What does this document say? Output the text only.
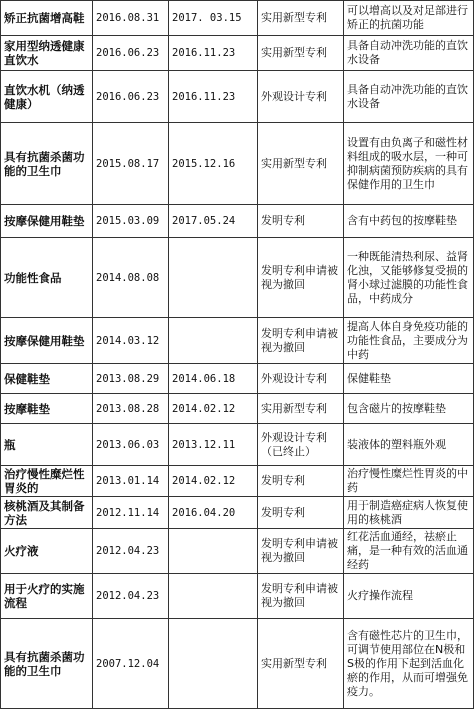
矫正抗菌增高鞋	2016.08.31	2017. 03.15	实用新型专利	可以增高以及对足部进行矫正的抗菌功能
家用型纳透健康直饮水	2016.06.23	2016.11.23	实用新型专利	具备自动冲洗功能的直饮水设备
直饮水机（纳透健康）	2016.06.23	2016.11.23	外观设计专利	具备自动冲洗功能的直饮水设备
具有抗菌杀菌功能的卫生巾	2015.08.17	2015.12.16	实用新型专利	设置有由负离子和磁性材料组成的吸水层，一种可抑制病菌预防疾病的具有保健作用的卫生巾
按摩保健用鞋垫	2015.03.09	2017.05.24	发明专利	含有中药包的按摩鞋垫
功能性食品	2014.08.08		发明专利申请被视为撤回	一种既能清热利尿、益肾化浊，又能够修复受损的肾小球过滤膜的功能性食品，中药成分
按摩保健用鞋垫	2014.03.12		发明专利申请被视为撤回	提高人体自身免疫功能的功能性食品，主要成分为中药
保健鞋垫	2013.08.29	2014.06.18	外观设计专利	保健鞋垫
按摩鞋垫	2013.08.28	2014.02.12	实用新型专利	包含磁片的按摩鞋垫
瓶	2013.06.03	2013.12.11	外观设计专利（已终止）	装液体的塑料瓶外观
治疗慢性糜烂性胃炎的	2013.01.14	2014.02.12	发明专利	治疗慢性糜烂性胃炎的中药
核桃酒及其制备方法	2012.11.14	2016.04.20	发明专利	用于制造癌症病人恢复使用的核桃酒
火疗液	2012.04.23		发明专利申请被视为撤回	红花活血通经，祛瘀止痛，是一种有效的活血通经药
用于火疗的实施流程	2012.04.23		发明专利申请被视为撤回	火疗操作流程
具有抗菌杀菌功能的卫生巾	2007.12.04		实用新型专利	含有磁性芯片的卫生巾，可调节使用部位在N极和S极的作用下起到活血化瘀的作用，从而可增强免疫力。
